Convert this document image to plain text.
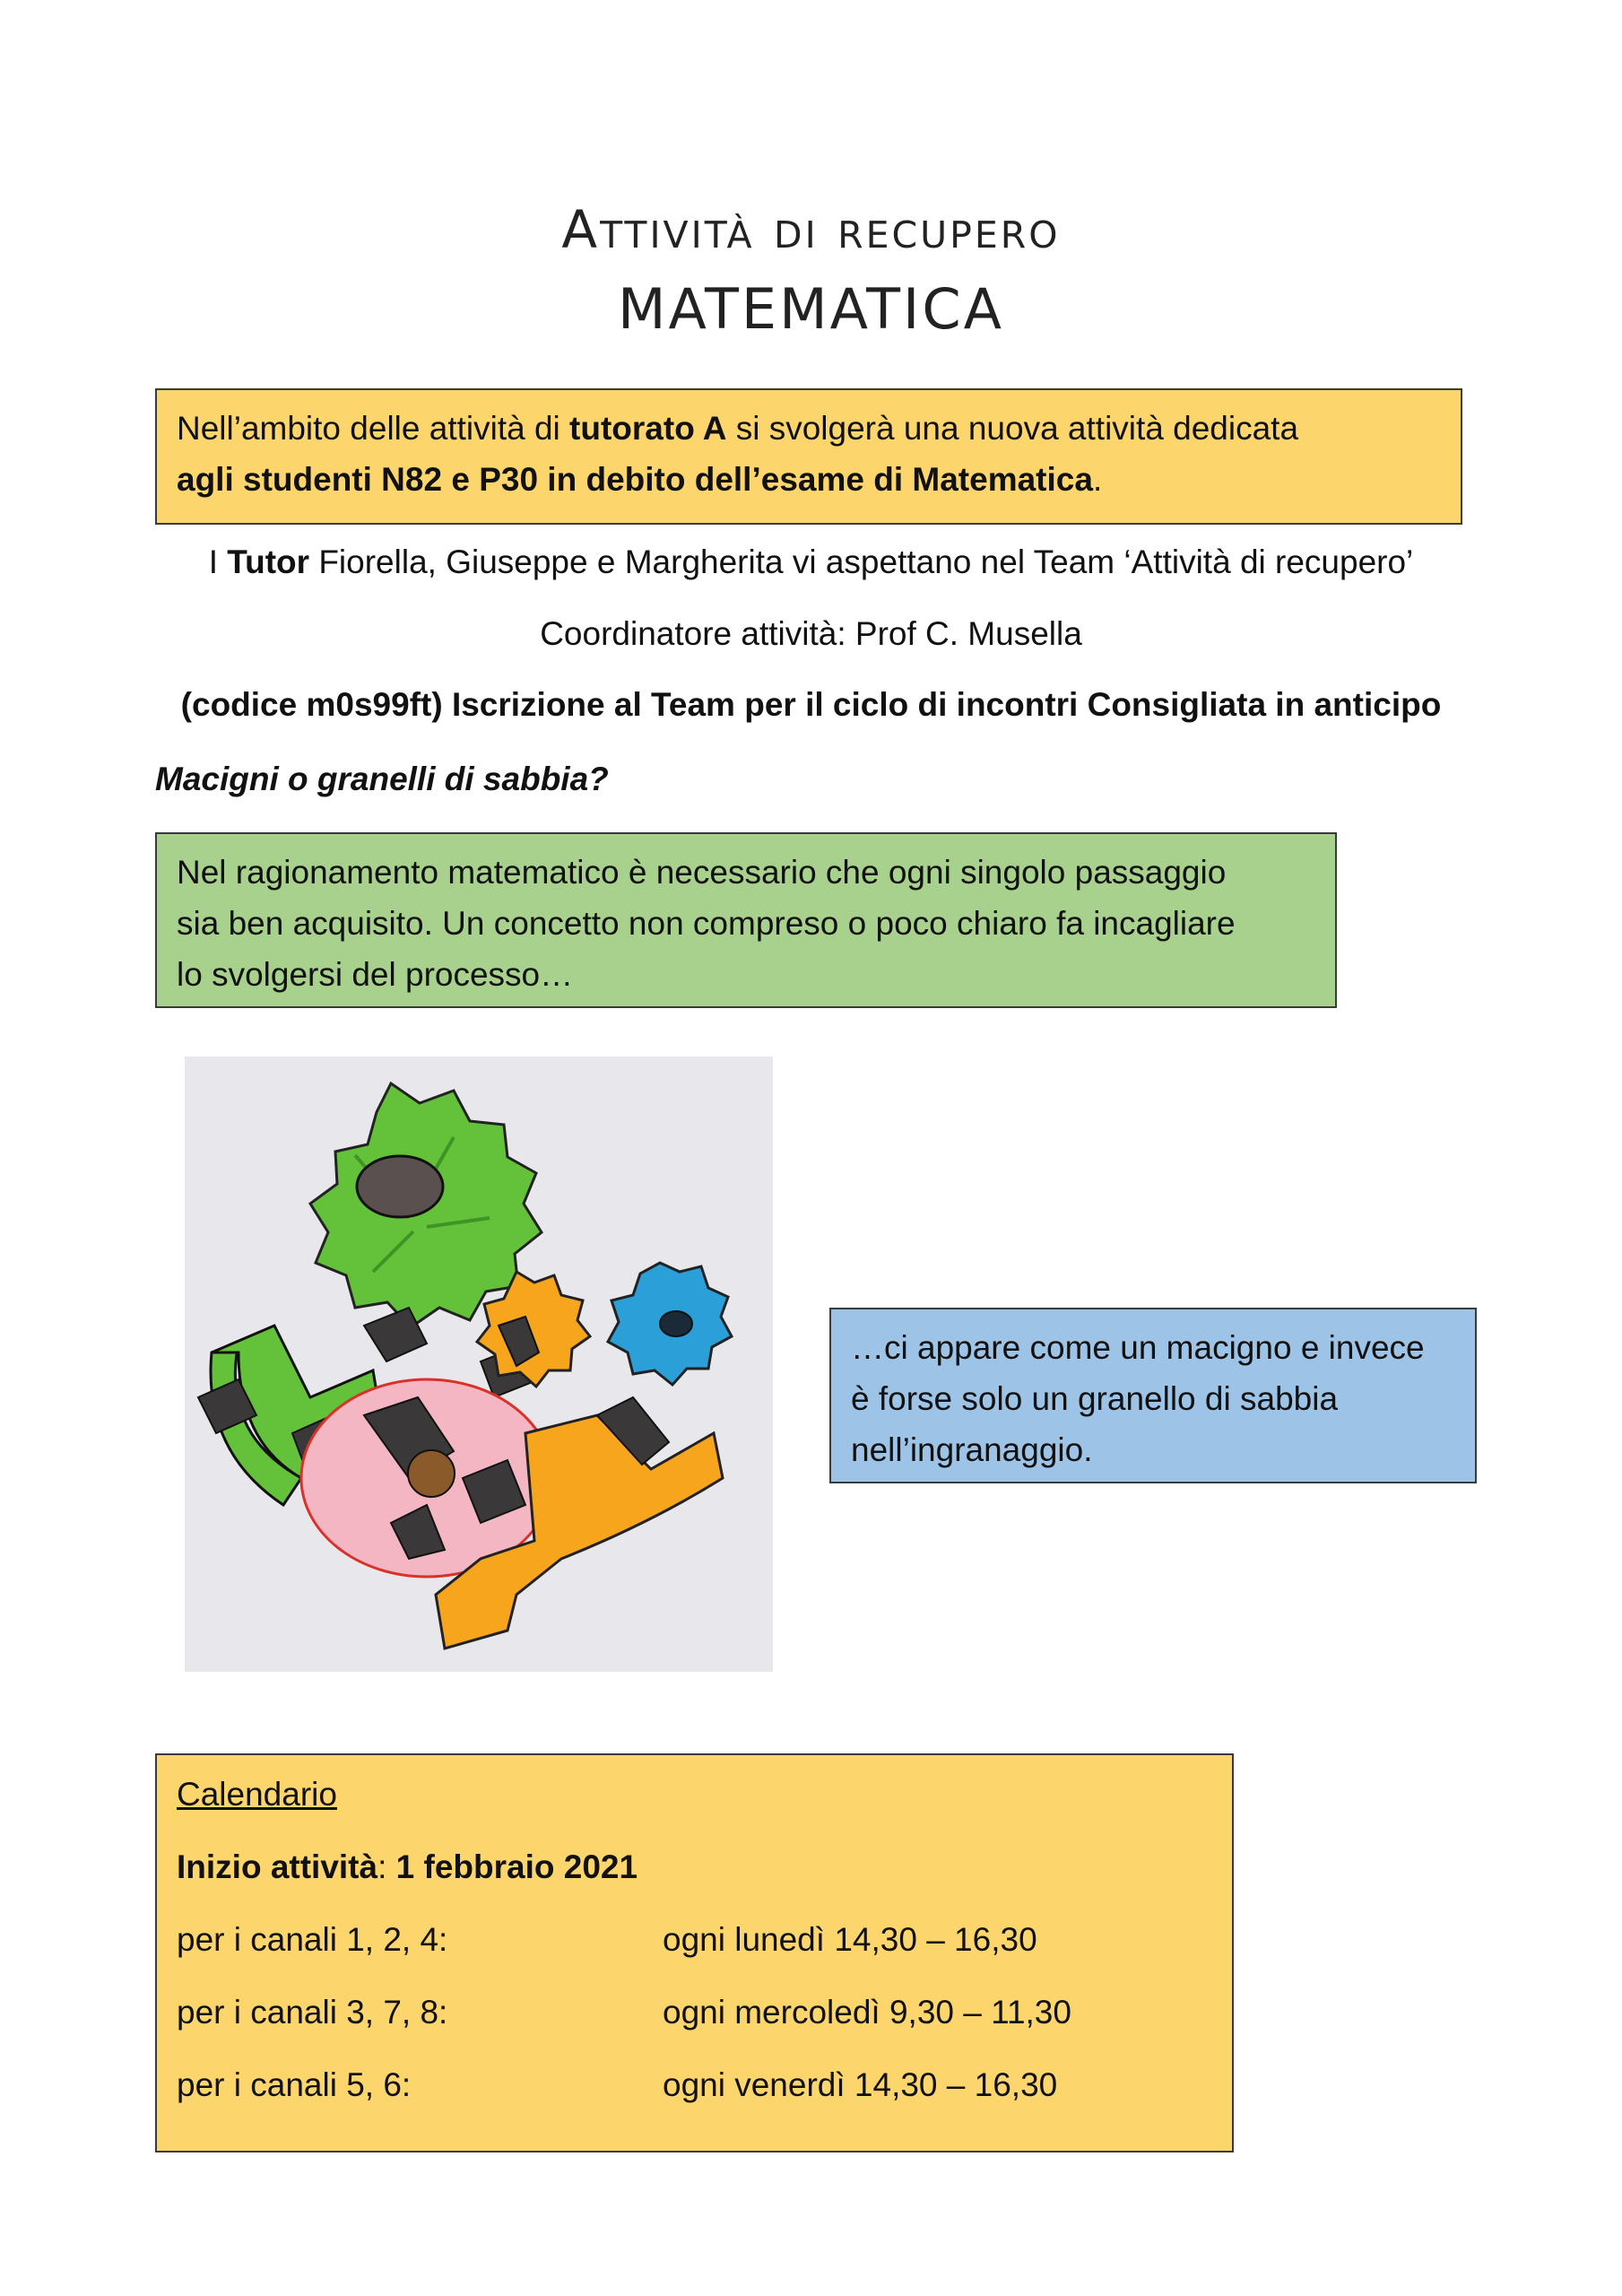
Attività di recupero
MATEMATICA
Nell’ambito delle attività di tutorato A si svolgerà una nuova attività dedicata
agli studenti N82 e P30 in debito dell’esame di Matematica.
I Tutor Fiorella, Giuseppe e Margherita vi aspettano nel Team ‘Attività di recupero’
Coordinatore attività: Prof C. Musella
(codice m0s99ft) Iscrizione al Team per il ciclo di incontri Consigliata in anticipo
Macigni o granelli di sabbia?
Nel ragionamento matematico è necessario che ogni singolo passaggio
sia ben acquisito. Un concetto non compreso o poco chiaro fa incagliare
lo svolgersi del processo…
…ci appare come un macigno e invece
è forse solo un granello di sabbia
nell’ingranaggio.
Calendario
Inizio attività: 1 febbraio 2021
per i canali 1, 2, 4:	ogni lunedì 14,30 – 16,30
per i canali 3, 7, 8:	ogni mercoledì 9,30 – 11,30
per i canali 5, 6:	ogni venerdì 14,30 – 16,30
